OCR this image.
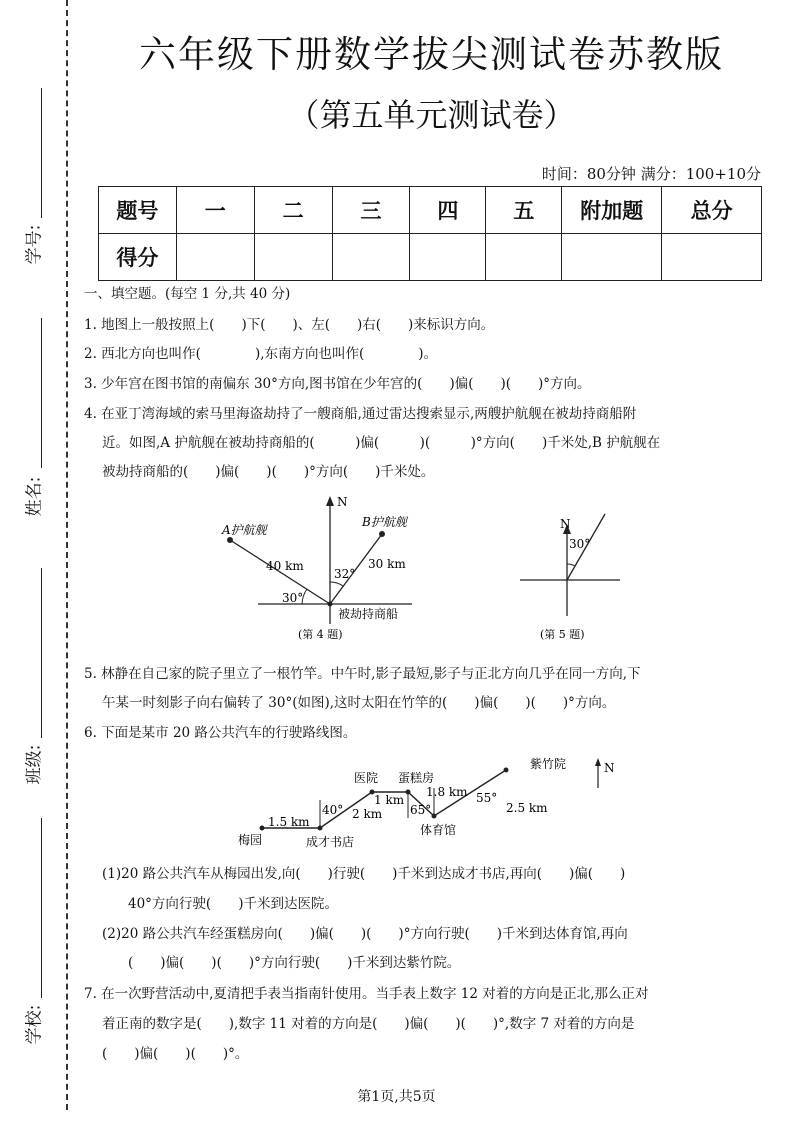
学号:
姓名:
班级:
学校:
六年级下册数学拔尖测试卷苏教版
（第五单元测试卷）
时间：80分钟 满分：100+10分
题号	一	二	三	四	五	附加题	总分
得分							
一、填空题。(每空 1 分,共 40 分)
1. 地图上一般按照上(　　)下(　　)、左(　　)右(　　)来标识方向。
2. 西北方向也叫作(　　　　),东南方向也叫作(　　　　)。
3. 少年宫在图书馆的南偏东 30°方向,图书馆在少年宫的(　　)偏(　　)(　　)°方向。
4. 在亚丁湾海域的索马里海盗劫持了一艘商船,通过雷达搜索显示,两艘护航舰在被劫持商船附
近。如图,A 护航舰在被劫持商船的(　　　)偏(　　　)(　　　)°方向(　　)千米处,B 护航舰在
被劫持商船的(　　)偏(　　)(　　)°方向(　　)千米处。
N
A护航舰
B护航舰
40 km	30 km
32°
30°
被劫持商船
(第 4 题)
N
30°
(第 5 题)
5. 林静在自己家的院子里立了一根竹竿。中午时,影子最短,影子与正北方向几乎在同一方向,下
午某一时刻影子向右偏转了 30°(如图),这时太阳在竹竿的(　　)偏(　　)(　　)°方向。
6. 下面是某市 20 路公共汽车的行驶路线图。
N
梅园	成才书店
医院 蛋糕房
体育馆
紫竹院
1.5 km
2 km
1 km
1.8 km
2.5 km
40°	65°
55°
(1)20 路公共汽车从梅园出发,向(　　)行驶(　　)千米到达成才书店,再向(　　)偏(　　)
40°方向行驶(　　)千米到达医院。
(2)20 路公共汽车经蛋糕房向(　　)偏(　　)(　　)°方向行驶(　　)千米到达体育馆,再向
(　　)偏(　　)(　　)°方向行驶(　　)千米到达紫竹院。
7. 在一次野营活动中,夏清把手表当指南针使用。当手表上数字 12 对着的方向是正北,那么正对
着正南的数字是(　　),数字 11 对着的方向是(　　)偏(　　)(　　)°,数字 7 对着的方向是
(　　)偏(　　)(　　)°。
第1页,共5页
